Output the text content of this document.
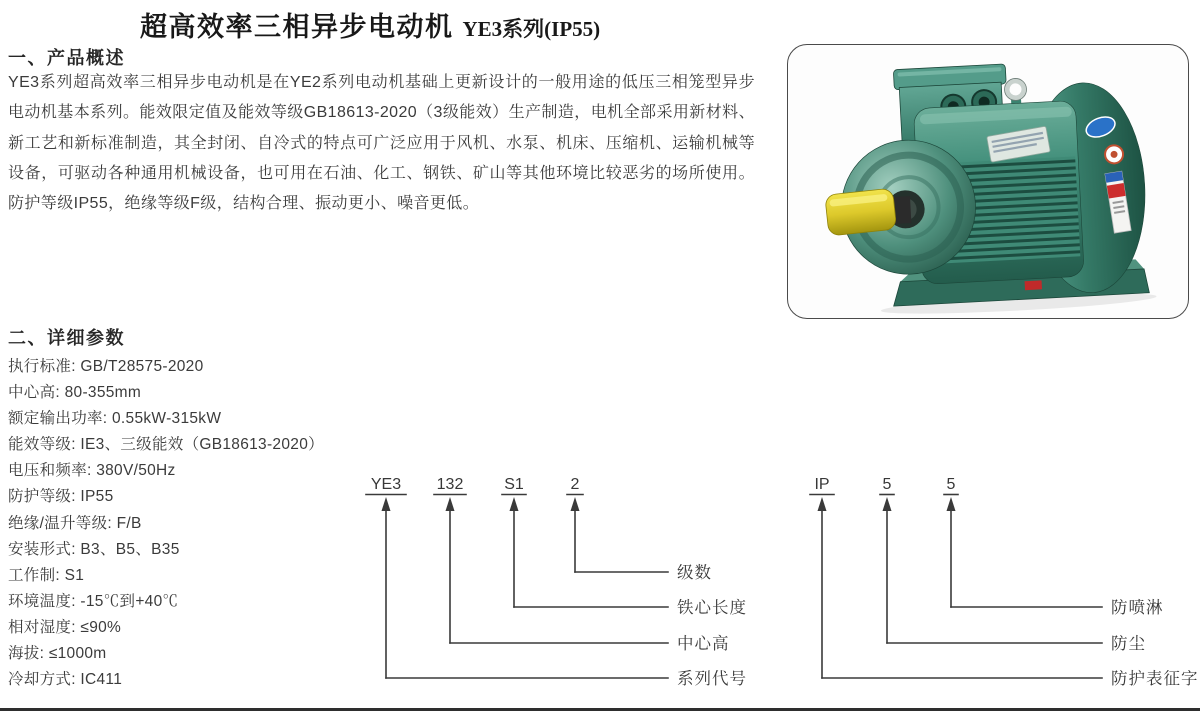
超高效率三相异步电动机 YE3系列(IP55)
一、产品概述

YE3系列超高效率三相异步电动机是在YE2系列电动机基础上更新设计的一般用途的低压三相笼型异步电动机基本系列。能效限定值及能效等级GB18613-2020（3级能效）生产制造，电机全部采用新材料、新工艺和新标准制造，其全封闭、自冷式的特点可广泛应用于风机、水泵、机床、压缩机、运输机械等设备，可驱动各种通用机械设备，也可用在石油、化工、钢铁、矿山等其他环境比较恶劣的场所使用。防护等级IP55，绝缘等级F级，结构合理、振动更小、噪音更低。

二、详细参数
执行标准: GB/T28575-2020
中心高: 80-355mm
额定输出功率: 0.55kW-315kW
能效等级: IE3、三级能效（GB18613-2020）
电压和频率: 380V/50Hz
防护等级: IP55
绝缘/温升等级: F/B
安装形式: B3、B5、B35
工作制: S1
环境温度: -15℃到+40℃
相对湿度: ≤90%
海拔: ≤1000m
冷却方式: IC411
YE3 132	S1	2	IP	5	5
级数
铁心长度
中心高
系列代号
防喷淋
防尘
防护表征字
